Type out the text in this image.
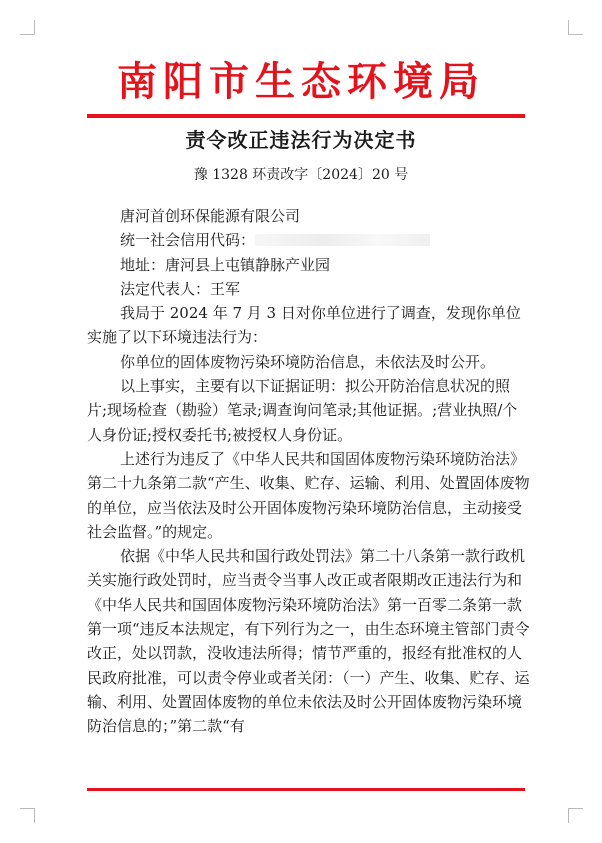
南阳市生态环境局
责令改正违法行为决定书
豫 1328 环责改字〔2024〕20 号

唐河首创环保能源有限公司

统一社会信用代码：

地址：唐河县上屯镇静脉产业园

法定代表人：王军

我局于 2024 年 7 月 3 日对你单位进行了调查，发现你单位实施了以下环境违法行为：

你单位的固体废物污染环境防治信息，未依法及时公开。

以上事实，主要有以下证据证明：拟公开防治信息状况的照片;现场检查（勘验）笔录;调查询问笔录;其他证据。;营业执照/个人身份证;授权委托书;被授权人身份证。

上述行为违反了《中华人民共和国固体废物污染环境防治法》第二十九条第二款“产生、收集、贮存、运输、利用、处置固体废物的单位，应当依法及时公开固体废物污染环境防治信息，主动接受社会监督。”的规定。

依据《中华人民共和国行政处罚法》第二十八条第一款行政机关实施行政处罚时，应当责令当事人改正或者限期改正违法行为和《中华人民共和国固体废物污染环境防治法》第一百零二条第一款第一项“违反本法规定，有下列行为之一，由生态环境主管部门责令改正，处以罚款，没收违法所得；情节严重的，报经有批准权的人民政府批准，可以责令停业或者关闭：（一）产生、收集、贮存、运输、利用、处置固体废物的单位未依法及时公开固体废物污染环境防治信息的；”第二款“有
